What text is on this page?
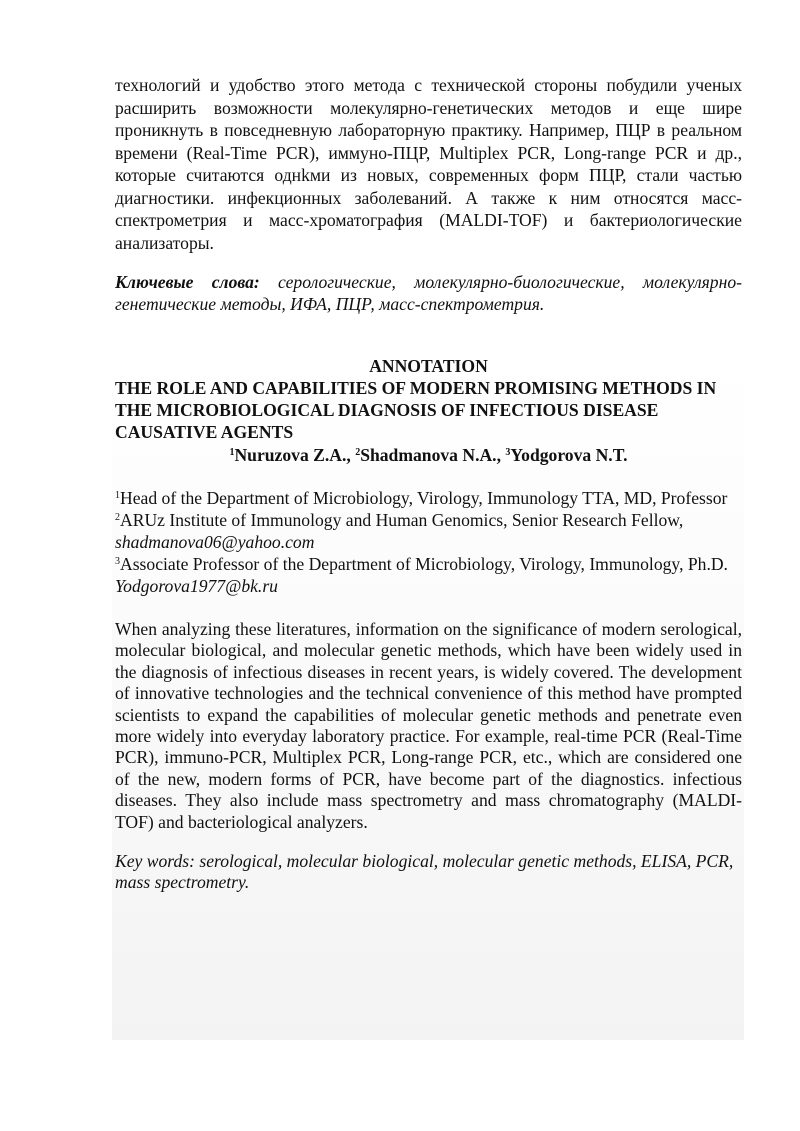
технологий и удобство этого метода с технической стороны побудили ученых расширить возможности молекулярно-генетических методов и еще шире проникнуть в повседневную лабораторную практику. Например, ПЦР в реальном времени (Real-Time PCR), иммуно-ПЦР, Multiplex PCR, Long-range PCR и др., которые считаются однkми из новых, современных форм ПЦР, стали частью диагностики. инфекционных заболеваний. А также к ним относятся масс-спектрометрия и масс-хроматография (MALDI-TOF) и бактериологические анализаторы.

Ключевые слова: серологические, молекулярно-биологические, молекулярно-генетические методы, ИФА, ПЦР, масс-спектрометрия.

ANNOTATION
THE ROLE AND CAPABILITIES OF MODERN PROMISING METHODS IN THE MICROBIOLOGICAL DIAGNOSIS OF INFECTIOUS DISEASE CAUSATIVE AGENTS
$^1$Nuruzova Z.A., $^2$Shadmanova N.A., $^3$Yodgorova N.T.

$^1$Head of the Department of Microbiology, Virology, Immunology TTA, MD, Professor

$^2$ARUz Institute of Immunology and Human Genomics, Senior Research Fellow,
shadmanova06@yahoo.com

$^3$Associate Professor of the Department of Microbiology, Virology, Immunology, Ph.D. Yodgorova1977@bk.ru

When analyzing these literatures, information on the significance of modern serological, molecular biological, and molecular genetic methods, which have been widely used in the diagnosis of infectious diseases in recent years, is widely covered. The development of innovative technologies and the technical convenience of this method have prompted scientists to expand the capabilities of molecular genetic methods and penetrate even more widely into everyday laboratory practice. For example, real-time PCR (Real-Time PCR), immuno-PCR, Multiplex PCR, Long-range PCR, etc., which are considered one of the new, modern forms of PCR, have become part of the diagnostics. infectious diseases. They also include mass spectrometry and mass chromatography (MALDI-TOF) and bacteriological analyzers.

Key words: serological, molecular biological, molecular genetic methods, ELISA, PCR, mass spectrometry.
